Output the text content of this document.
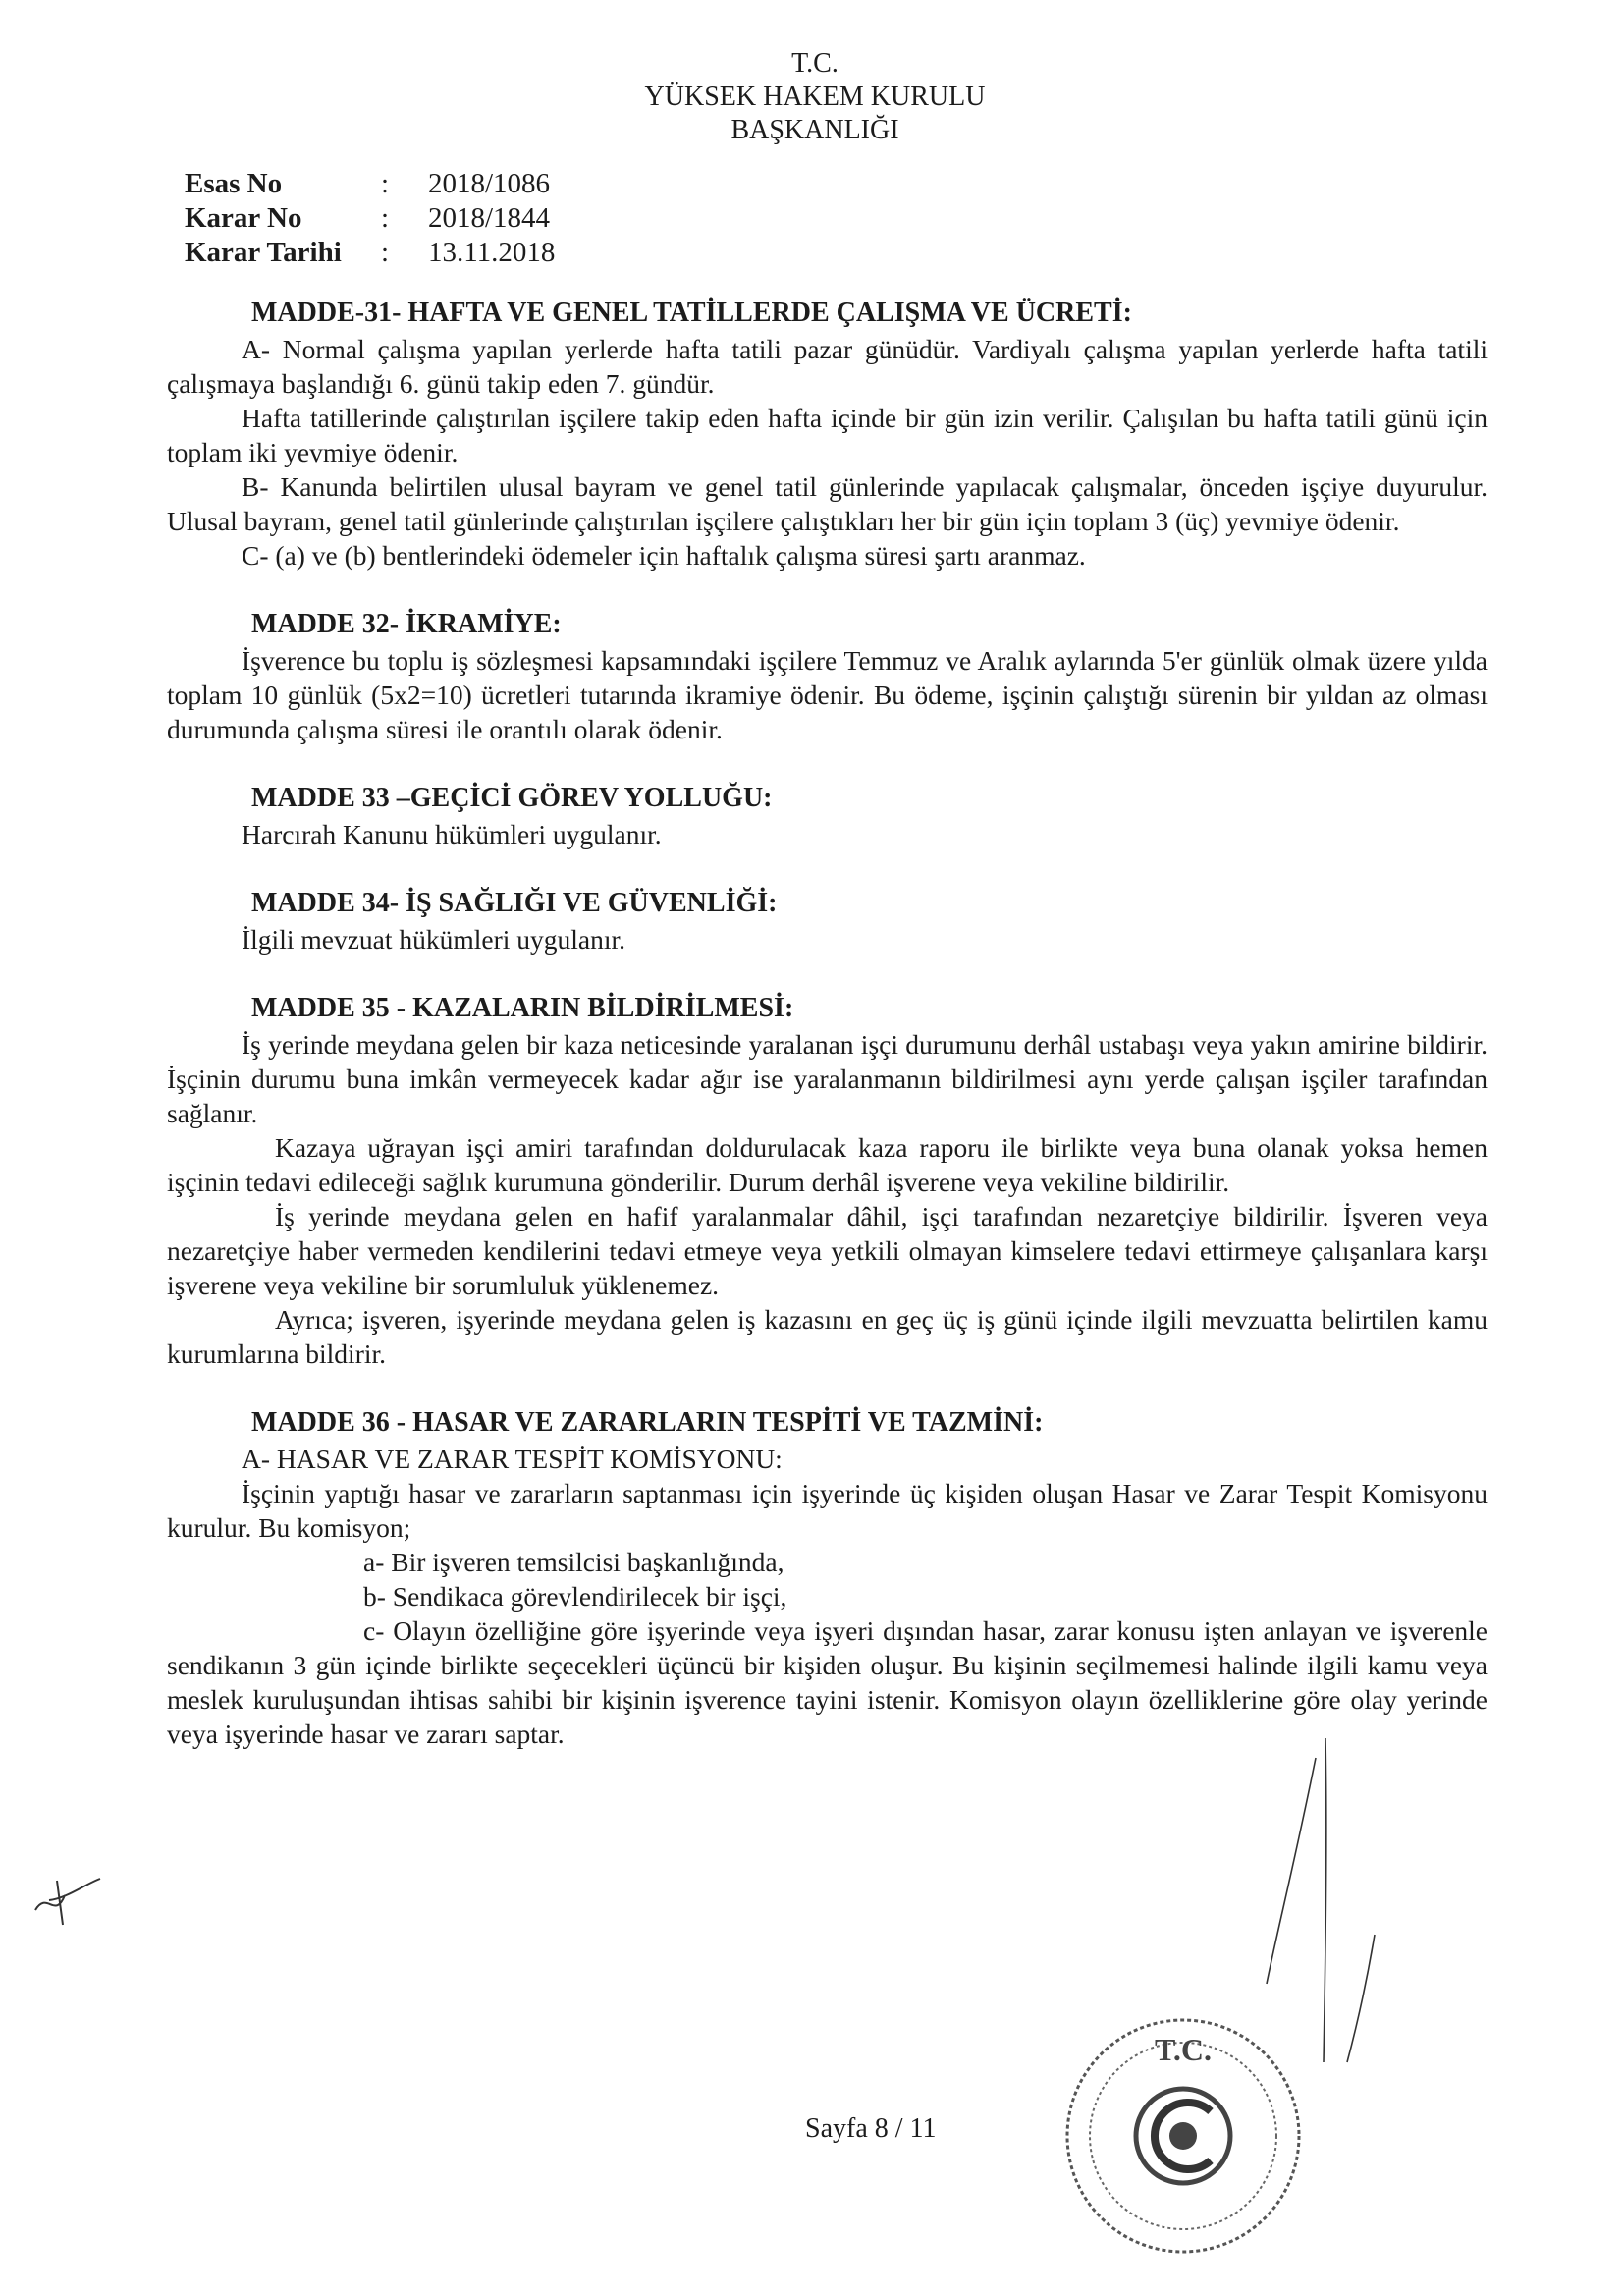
T.C.
YÜKSEK HAKEM KURULU
BAŞKANLIĞI
Esas No	:	2018/1086
Karar No	:	2018/1844
Karar Tarihi	:	13.11.2018
MADDE-31- HAFTA VE GENEL TATİLLERDE ÇALIŞMA VE ÜCRETİ:

A- Normal çalışma yapılan yerlerde hafta tatili pazar günüdür. Vardiyalı çalışma yapılan yerlerde hafta tatili çalışmaya başlandığı 6. günü takip eden 7. gündür.

Hafta tatillerinde çalıştırılan işçilere takip eden hafta içinde bir gün izin verilir. Çalışılan bu hafta tatili günü için toplam iki yevmiye ödenir.

B- Kanunda belirtilen ulusal bayram ve genel tatil günlerinde yapılacak çalışmalar, önceden işçiye duyurulur. Ulusal bayram, genel tatil günlerinde çalıştırılan işçilere çalıştıkları her bir gün için toplam 3 (üç) yevmiye ödenir.

C- (a) ve (b) bentlerindeki ödemeler için haftalık çalışma süresi şartı aranmaz.

MADDE 32- İKRAMİYE:

İşverence bu toplu iş sözleşmesi kapsamındaki işçilere Temmuz ve Aralık aylarında 5'er günlük olmak üzere yılda toplam 10 günlük (5x2=10) ücretleri tutarında ikramiye ödenir. Bu ödeme, işçinin çalıştığı sürenin bir yıldan az olması durumunda çalışma süresi ile orantılı olarak ödenir.

MADDE 33 –GEÇİCİ GÖREV YOLLUĞU:

Harcırah Kanunu hükümleri uygulanır.

MADDE 34- İŞ SAĞLIĞI VE GÜVENLİĞİ:

İlgili mevzuat hükümleri uygulanır.

MADDE 35 - KAZALARIN BİLDİRİLMESİ:

İş yerinde meydana gelen bir kaza neticesinde yaralanan işçi durumunu derhâl ustabaşı veya yakın amirine bildirir. İşçinin durumu buna imkân vermeyecek kadar ağır ise yaralanmanın bildirilmesi aynı yerde çalışan işçiler tarafından sağlanır.

Kazaya uğrayan işçi amiri tarafından doldurulacak kaza raporu ile birlikte veya buna olanak yoksa hemen işçinin tedavi edileceği sağlık kurumuna gönderilir. Durum derhâl işverene veya vekiline bildirilir.

İş yerinde meydana gelen en hafif yaralanmalar dâhil, işçi tarafından nezaretçiye bildirilir. İşveren veya nezaretçiye haber vermeden kendilerini tedavi etmeye veya yetkili olmayan kimselere tedavi ettirmeye çalışanlara karşı işverene veya vekiline bir sorumluluk yüklenemez.

Ayrıca; işveren, işyerinde meydana gelen iş kazasını en geç üç iş günü içinde ilgili mevzuatta belirtilen kamu kurumlarına bildirir.

MADDE 36 - HASAR VE ZARARLARIN TESPİTİ VE TAZMİNİ:

A- HASAR VE ZARAR TESPİT KOMİSYONU:

İşçinin yaptığı hasar ve zararların saptanması için işyerinde üç kişiden oluşan Hasar ve Zarar Tespit Komisyonu kurulur. Bu komisyon;

a- Bir işveren temsilcisi başkanlığında,

b- Sendikaca görevlendirilecek bir işçi,

c- Olayın özelliğine göre işyerinde veya işyeri dışından hasar, zarar konusu işten anlayan ve işverenle sendikanın 3 gün içinde birlikte seçecekleri üçüncü bir kişiden oluşur. Bu kişinin seçilmemesi halinde ilgili kamu veya meslek kuruluşundan ihtisas sahibi bir kişinin işverence tayini istenir. Komisyon olayın özelliklerine göre olay yerinde veya işyerinde hasar ve zararı saptar.

Sayfa 8 / 11
T.C.
